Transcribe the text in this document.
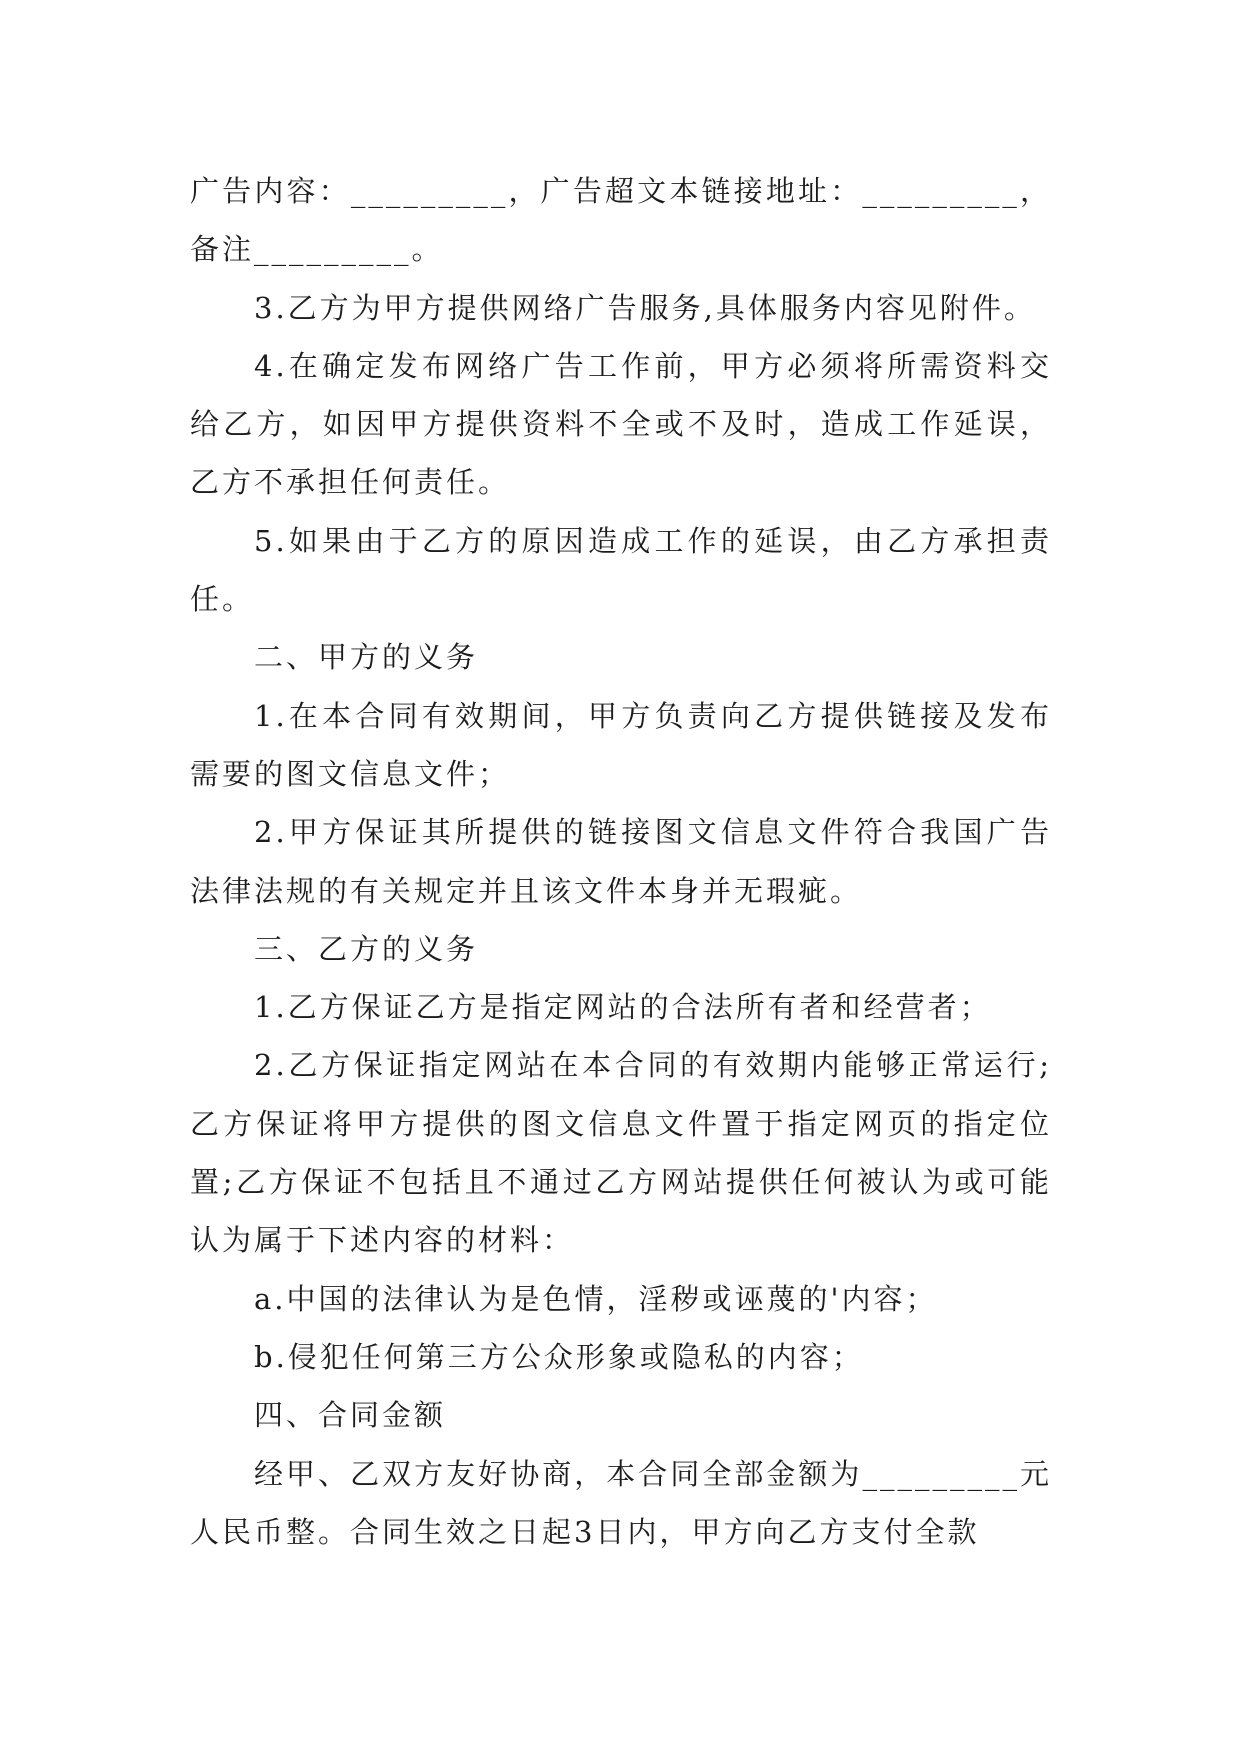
广告内容：_________，广告超文本链接地址：_________，备注_________。

3.乙方为甲方提供网络广告服务,具体服务内容见附件。

4.在确定发布网络广告工作前，甲方必须将所需资料交给乙方，如因甲方提供资料不全或不及时，造成工作延误，乙方不承担任何责任。

5.如果由于乙方的原因造成工作的延误，由乙方承担责任。

二、甲方的义务

1.在本合同有效期间，甲方负责向乙方提供链接及发布需要的图文信息文件；

2.甲方保证其所提供的链接图文信息文件符合我国广告法律法规的有关规定并且该文件本身并无瑕疵。

三、乙方的义务

1.乙方保证乙方是指定网站的合法所有者和经营者；

2.乙方保证指定网站在本合同的有效期内能够正常运行;乙方保证将甲方提供的图文信息文件置于指定网页的指定位置;乙方保证不包括且不通过乙方网站提供任何被认为或可能认为属于下述内容的材料：

a.中国的法律认为是色情，淫秽或诬蔑的'内容；

b.侵犯任何第三方公众形象或隐私的内容；

四、合同金额

经甲、乙双方友好协商，本合同全部金额为_________元人民币整。合同生效之日起3日内，甲方向乙方支付全款
